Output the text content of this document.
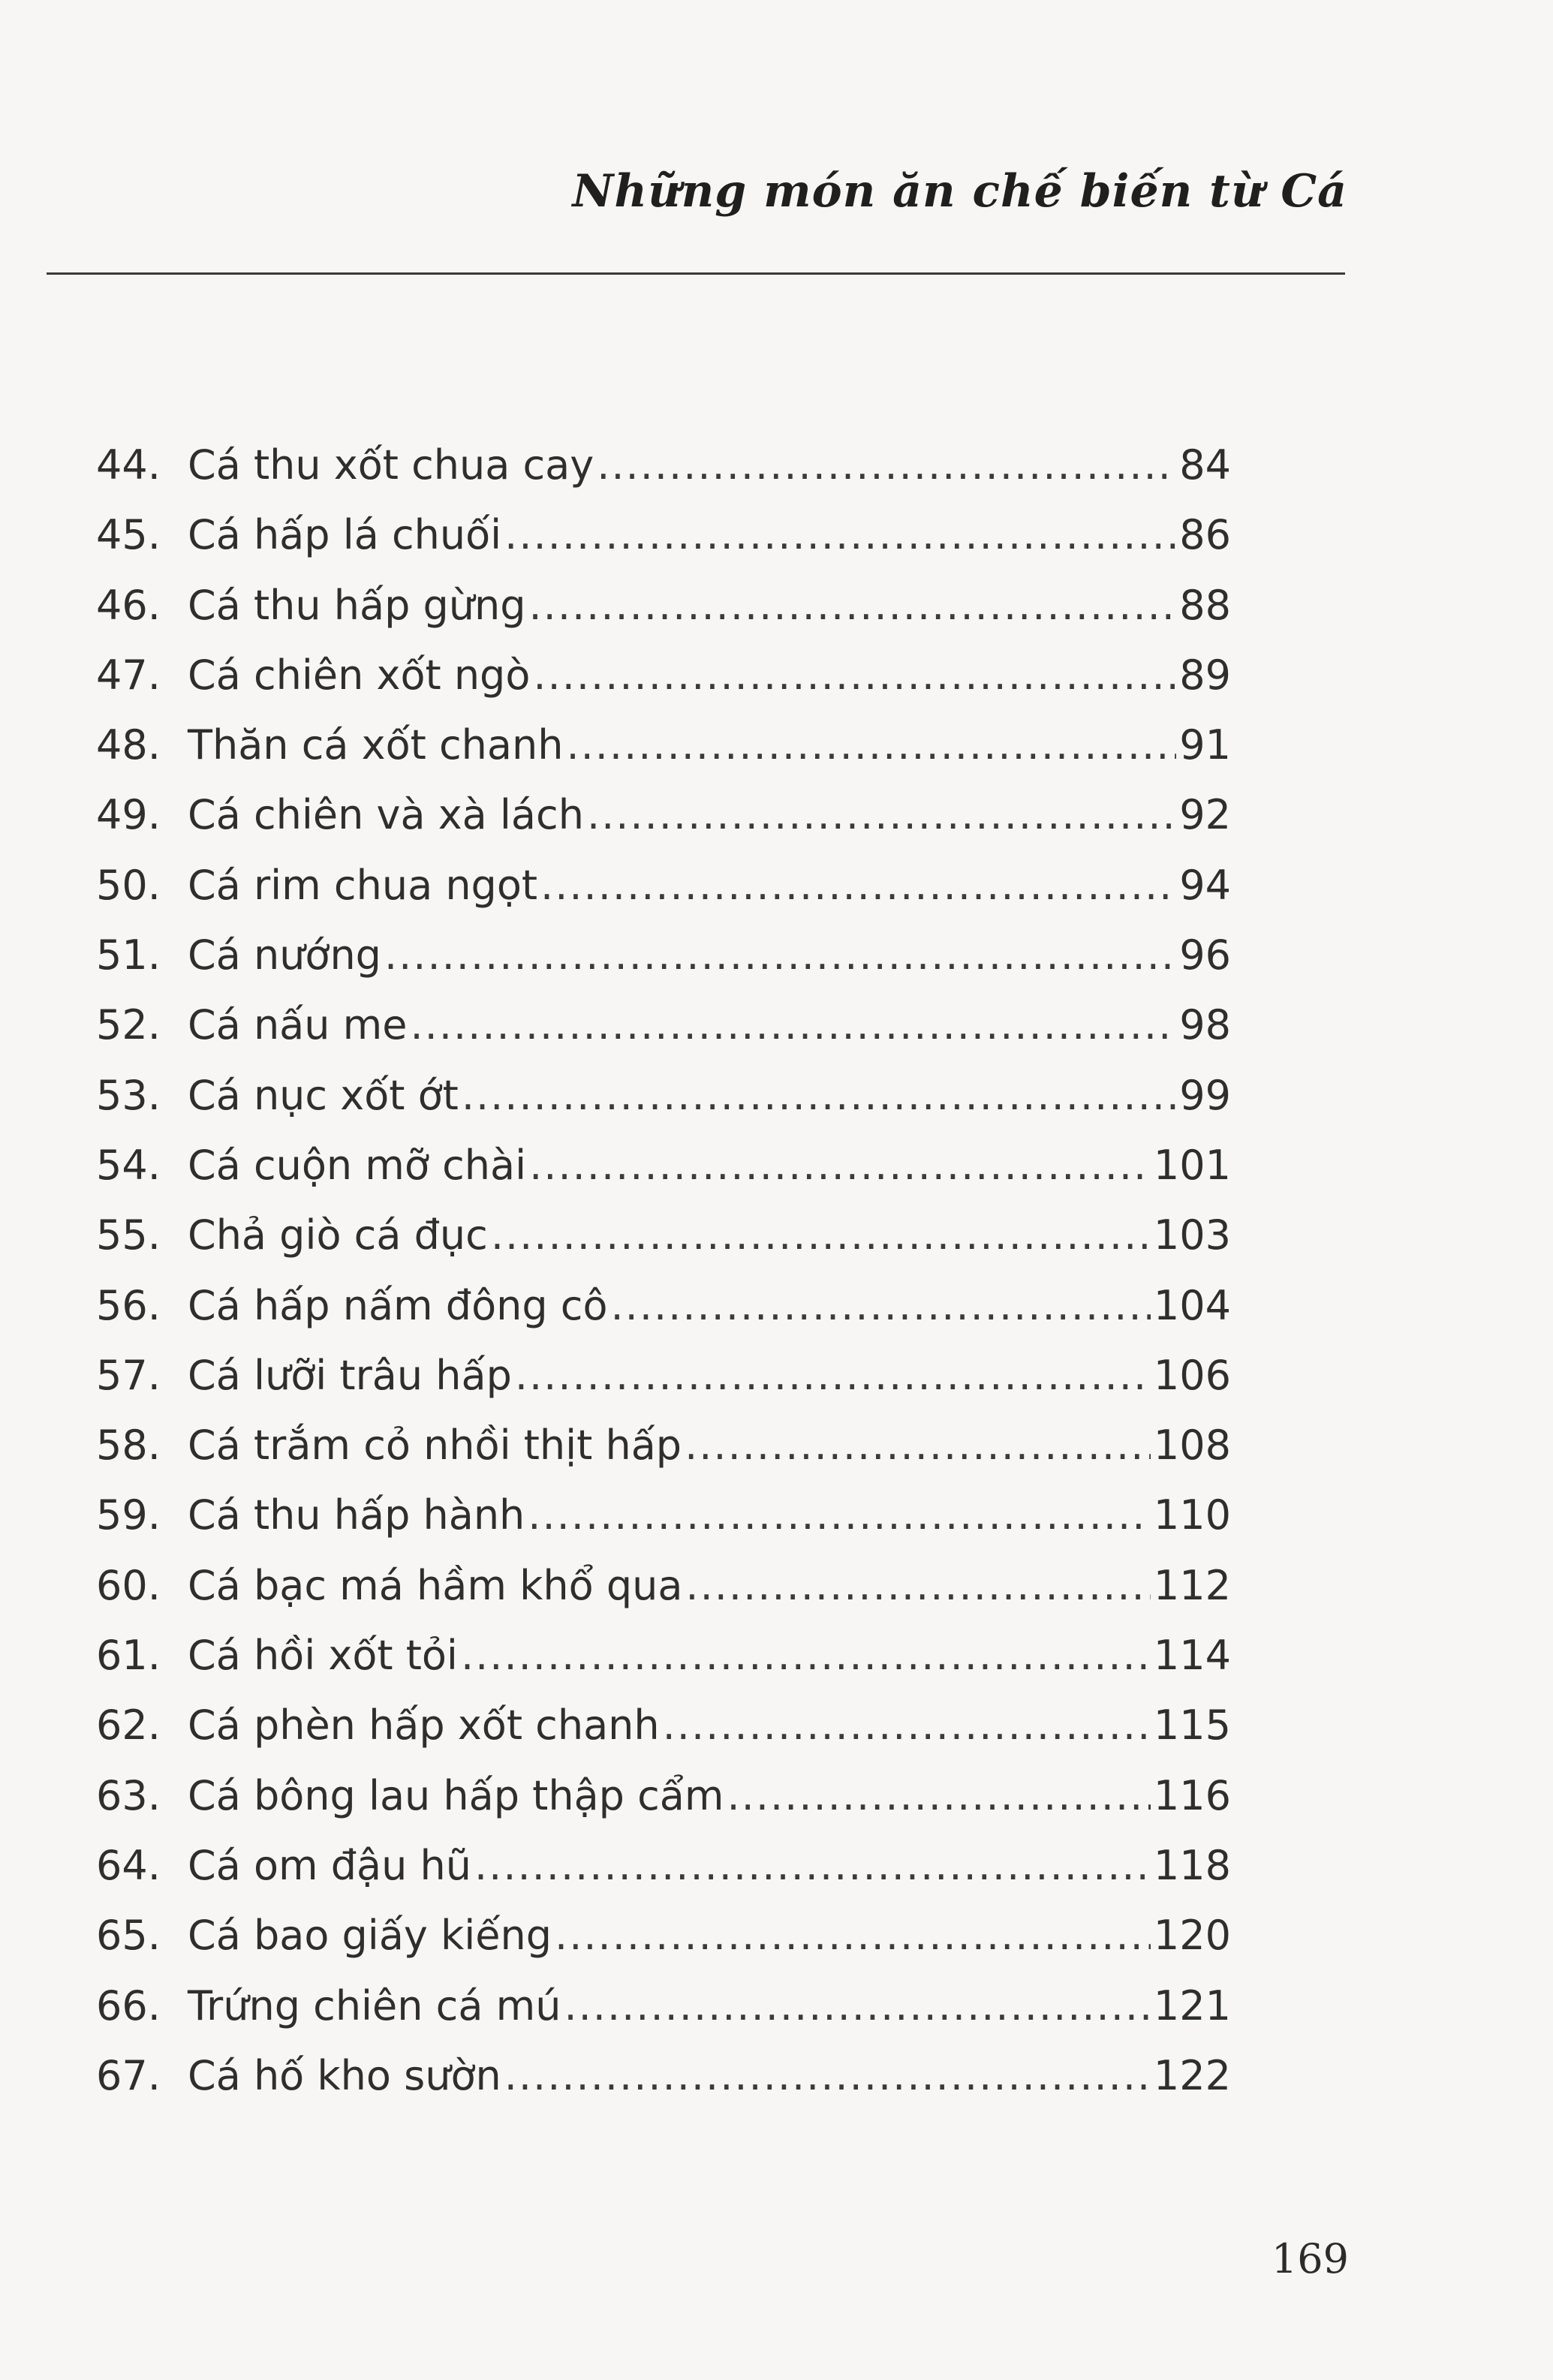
Những món ăn chế biến từ Cá
44. Cá thu xốt chua cay .....	84
45. Cá hấp lá chuối .....	86
46. Cá thu hấp gừng .....	88
47. Cá chiên xốt ngò .....	89
48. Thăn cá xốt chanh .....	91
49. Cá chiên và xà lách .....	92
50. Cá rim chua ngọt .....	94
51. Cá nướng .....	96
52. Cá nấu me .....	98
53. Cá nục xốt ớt .....	99
54. Cá cuộn mỡ chài .....	101
55. Chả giò cá đục .....	103
56. Cá hấp nấm đông cô .....	104
57. Cá lưỡi trâu hấp .....	106
58. Cá trắm cỏ nhồi thịt hấp .....	108
59. Cá thu hấp hành .....	110
60. Cá bạc má hầm khổ qua .....	112
61. Cá hồi xốt tỏi .....	114
62. Cá phèn hấp xốt chanh .....	115
63. Cá bông lau hấp thập cẩm .....	116
64. Cá om đậu hũ .....	118
65. Cá bao giấy kiếng .....	120
66. Trứng chiên cá mú .....	121
67. Cá hố kho sườn .....	122
169
